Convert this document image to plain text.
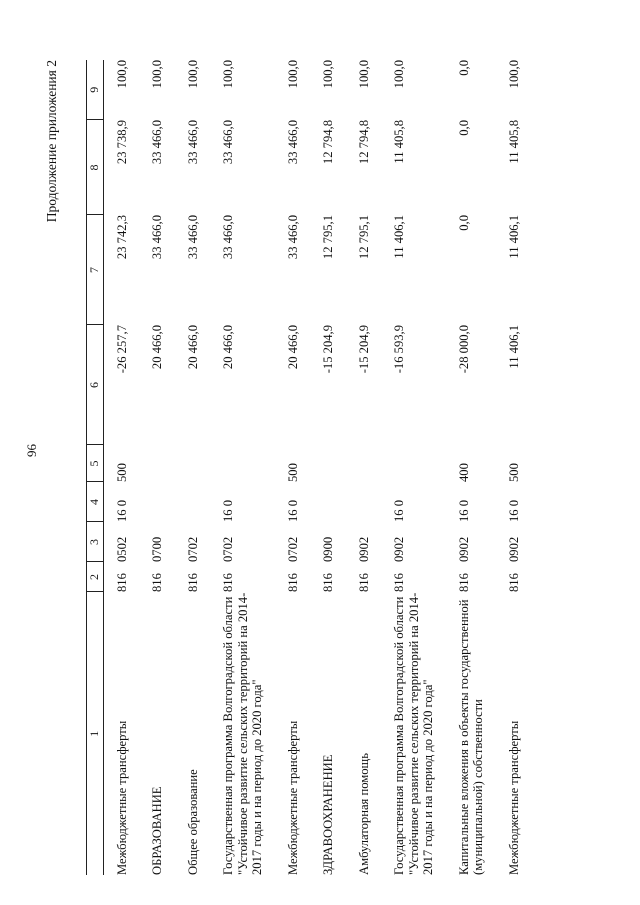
96
Продолжение приложения 2
1	2	3	4	5	6	7	8	9
Межбюджетные трансферты	816	0502	16 0	500	-26 257,7	23 742,3	23 738,9	100,0
ОБРАЗОВАНИЕ	816	0700			20 466,0	33 466,0	33 466,0	100,0
Общее образование	816	0702			20 466,0	33 466,0	33 466,0	100,0
Государственная программа Волгоградской области "Устойчивое развитие сельских территорий на 2014-2017 годы и на период до 2020 года"	816	0702	16 0		20 466,0	33 466,0	33 466,0	100,0
Межбюджетные трансферты	816	0702	16 0	500	20 466,0	33 466,0	33 466,0	100,0
ЗДРАВООХРАНЕНИЕ	816	0900			-15 204,9	12 795,1	12 794,8	100,0
Амбулаторная помощь	816	0902			-15 204,9	12 795,1	12 794,8	100,0
Государственная программа Волгоградской области "Устойчивое развитие сельских территорий на 2014-2017 годы и на период до 2020 года"	816	0902	16 0		-16 593,9	11 406,1	11 405,8	100,0
Капитальные вложения в объекты государственной (муниципальной) собственности	816	0902	16 0	400	-28 000,0	0,0	0,0	0,0
Межбюджетные трансферты	816	0902	16 0	500	11 406,1	11 406,1	11 405,8	100,0
